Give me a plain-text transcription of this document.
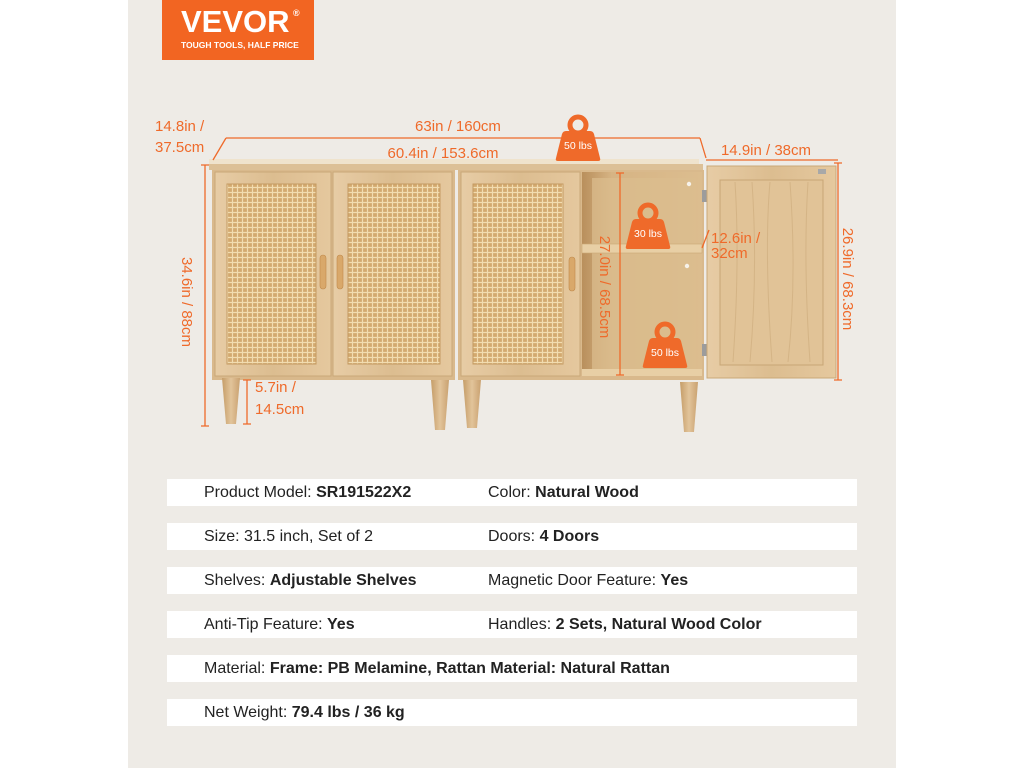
VEVOR ®
TOUGH TOOLS, HALF PRICE
50 lbs
30 lbs
50 lbs
14.8in /
37.5cm
63in / 160cm
60.4in / 153.6cm	14.9in / 38cm
34.6in / 88cm	27.0in / 68.5cm	26.9in / 68.3cm
12.6in /
32cm
5.7in /
14.5cm
Product Model: SR191522X2	Color: Natural Wood
Size: 31.5 inch, Set of 2	Doors: 4 Doors
Shelves: Adjustable Shelves	Magnetic Door Feature: Yes
Anti-Tip Feature: Yes	Handles: 2 Sets, Natural Wood Color
Material: Frame: PB Melamine, Rattan Material: Natural Rattan
Net Weight: 79.4 lbs / 36 kg
